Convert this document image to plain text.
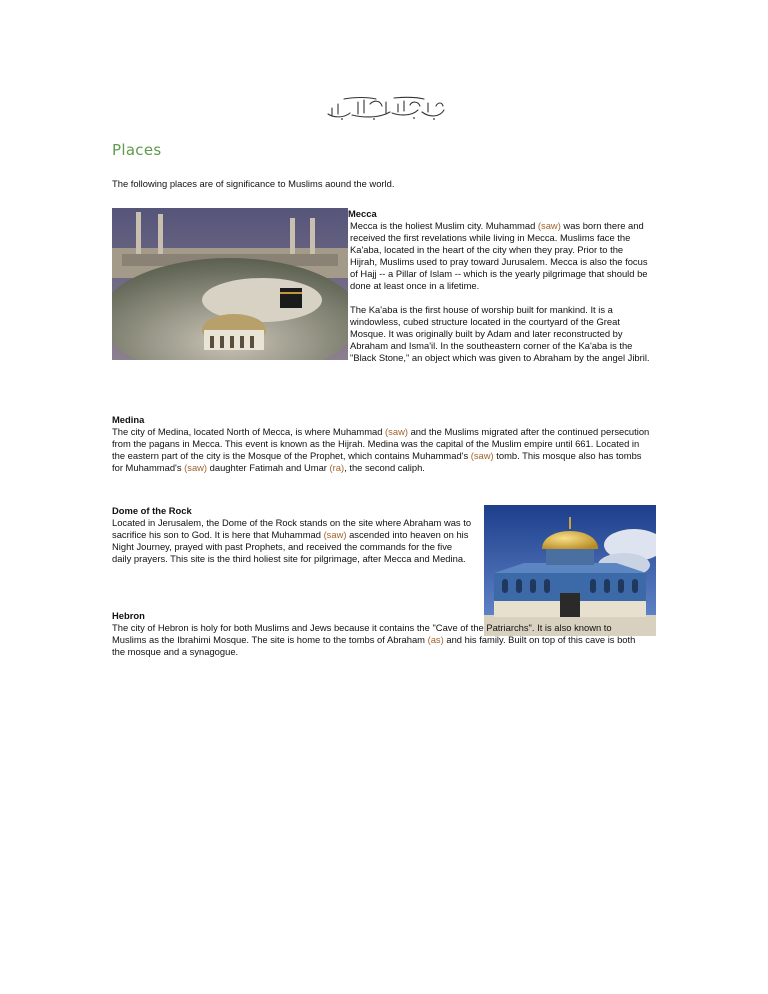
Places
The following places are of significance to Muslims aound the world.
Mecca

Mecca is the holiest Muslim city. Muhammad (saw) was born there and received the first revelations while living in Mecca. Muslims face the Ka'aba, located in the heart of the city when they pray. Prior to the Hijrah, Muslims used to pray toward Jurusalem. Mecca is also the focus of Hajj -- a Pillar of Islam -- which is the yearly pilgrimage that should be done at least once in a lifetime.

The Ka'aba is the first house of worship built for mankind. It is a windowless, cubed structure located in the courtyard of the Great Mosque. It was originally built by Adam and later reconstructed by Abraham and Isma'il. In the southeastern corner of the Ka'aba is the "Black Stone," an object which was given to Abraham by the angel Jibril.

Medina

The city of Medina, located North of Mecca, is where Muhammad (saw) and the Muslims migrated after the continued persecution from the pagans in Mecca. This event is known as the Hijrah. Medina was the capital of the Muslim empire until 661. Located in the eastern part of the city is the Mosque of the Prophet, which contains Muhammad's (saw) tomb. This mosque also has tombs for Muhammad's (saw) daughter Fatimah and Umar (ra), the second caliph.

Dome of the Rock

Located in Jerusalem, the Dome of the Rock stands on the site where Abraham was to sacrifice his son to God. It is here that Muhammad (saw) ascended into heaven on his Night Journey, prayed with past Prophets, and received the commands for the five daily prayers. This site is the third holiest site for pilgrimage, after Mecca and Medina.

Hebron

The city of Hebron is holy for both Muslims and Jews because it contains the "Cave of the Patriarchs". It is also known to Muslims as the Ibrahimi Mosque. The site is home to the tombs of Abraham (as) and his family. Built on top of this cave is both the mosque and a synagogue.
